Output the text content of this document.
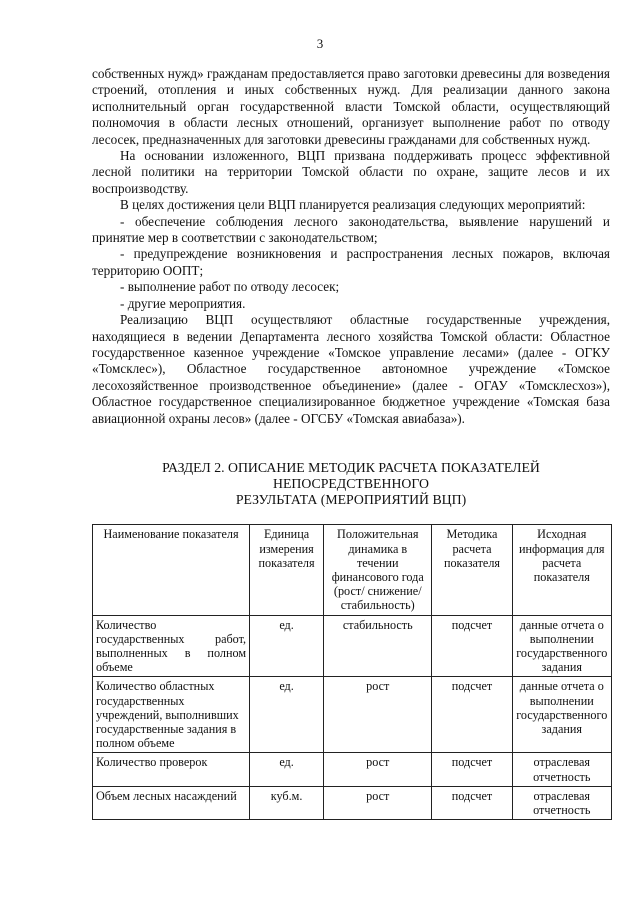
3

собственных нужд» гражданам предоставляется право заготовки древесины для возведения строений, отопления и иных собственных нужд. Для реализации данного закона исполнительный орган государственной власти Томской области, осуществляющий полномочия в области лесных отношений, организует выполнение работ по отводу лесосек, предназначенных для заготовки древесины гражданами для собственных нужд.

На основании изложенного, ВЦП призвана поддерживать процесс эффективной лесной политики на территории Томской области по охране, защите лесов и их воспроизводству.

В целях достижения цели ВЦП планируется реализация следующих мероприятий:

- обеспечение соблюдения лесного законодательства, выявление нарушений и принятие мер в соответствии с законодательством;

- предупреждение возникновения и распространения лесных пожаров, включая территорию ООПТ;

- выполнение работ по отводу лесосек;

- другие мероприятия.

Реализацию ВЦП осуществляют областные государственные учреждения, находящиеся в ведении Департамента лесного хозяйства Томской области: Областное государственное казенное учреждение «Томское управление лесами» (далее - ОГКУ «Томсклес»), Областное государственное автономное учреждение «Томское лесохозяйственное производственное объединение» (далее - ОГАУ «Томсклесхоз»), Областное государственное специализированное бюджетное учреждение «Томская база авиационной охраны лесов» (далее - ОГСБУ «Томская авиабаза»).

РАЗДЕЛ 2. ОПИСАНИЕ МЕТОДИК РАСЧЕТА ПОКАЗАТЕЛЕЙ
НЕПОСРЕДСТВЕННОГО
РЕЗУЛЬТАТА (МЕРОПРИЯТИЙ ВЦП)
Наименование показателя	Единица измерения показателя	Положительная динамика в течении финансового года (рост/ снижение/стабильность)	Методика расчета показателя	Исходная информация для расчета показателя
Количество государственных работ, выполненных в полном объеме	ед.	стабильность	подсчет	данные отчета о выполнении государственного задания
Количество областных государственных учреждений, выполнивших государственные задания в полном объеме	ед.	рост	подсчет	данные отчета о выполнении государственного задания
Количество проверок	ед.	рост	подсчет	отраслевая отчетность
Объем лесных насаждений	куб.м.	рост	подсчет	отраслевая отчетность
